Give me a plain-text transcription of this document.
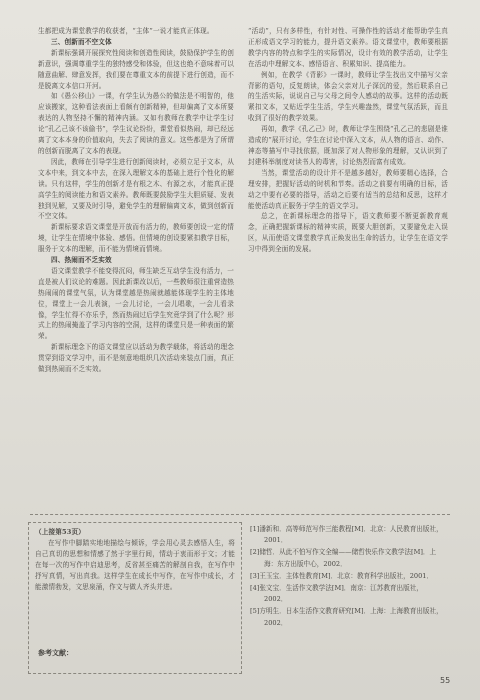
生都把成为课堂教学的收获者，“主体”一说才能真正体现。

三、创新而不空文体

新课标强调开展探究性阅读和创造性阅读，鼓励保护学生的创新意识，强调尊重学生的独特感受和体验，但这也绝不意味着可以随意曲解、肆意发挥，我们要在尊重文本的前提下进行创造，而不是脱离文本信口开河。

如《愚公移山》一课，有学生认为愚公的做法是不明智的，他应该搬家，这种看法表面上看颇有创新精神，但却偏离了文本所要表达的人物坚持不懈的精神内涵。又如有教师在教学中让学生讨论“孔乙己该不该偷书”，学生议论纷纷，课堂看似热闹，却已经远离了文本本身的价值取向，失去了阅读的意义。这些都是为了所谓的创新而脱离了文本的表现。

因此，教师在引导学生进行创新阅读时，必须立足于文本，从文本中来，到文本中去，在深入理解文本的基础上进行个性化的解读。只有这样，学生的创新才是有根之木、有源之水，才能真正提高学生的阅读能力和语文素养。教师既要鼓励学生大胆质疑、发表独到见解，又要及时引导，避免学生的理解偏离文本，做到创新而不空文体。

新课标要求语文课堂是开放而有活力的，教师要创设一定的情境，让学生在情境中体验、感悟。但情境的创设要紧扣教学目标，服务于文本的理解，而不能为情境而情境。

四、热闹而不乏实效

语文课堂教学不能变得沉闷，师生缺乏互动学生没有活力，一直是被人们议论的难题。因此新课改以后，一些教师很注重营造热热闹闹的课堂气氛，认为课堂越是热闹就越能体现学生的主体地位，课堂上一会儿表演，一会儿讨论，一会儿唱歌，一会儿看录像，学生忙得不亦乐乎，然而热闹过后学生究竟学到了什么呢？形式上的热闹掩盖了学习内容的空洞，这样的课堂只是一种表面的繁荣。

新课标理念下的语文课堂应以活动为教学载体，将活动的理念贯穿到语文学习中，而不是刻意地组织几次活动来装点门面，真正做到热闹而不乏实效。

“活动”，只有多样性，有针对性、可操作性的活动才能帮助学生真正形成语文学习的能力，提升语文素养。语文课堂中，教师要根据教学内容的特点和学生的实际情况，设计有效的教学活动，让学生在活动中理解文本、感悟语言、积累知识、提高能力。

例如，在教学《背影》一课时，教师让学生找出文中描写父亲背影的语句，反复朗读，体会父亲对儿子深沉的爱，然后联系自己的生活实际，说说自己与父母之间令人感动的故事。这样的活动既紧扣文本，又贴近学生生活，学生兴趣盎然，课堂气氛活跃，而且收到了很好的教学效果。

再如，教学《孔乙己》时，教师让学生围绕“孔乙己的悲剧是谁造成的”展开讨论，学生在讨论中深入文本，从人物的语言、动作、神态等描写中寻找依据，既加深了对人物形象的理解，又认识到了封建科举制度对读书人的毒害，讨论热烈而富有成效。

当然，课堂活动的设计并不是越多越好，教师要精心选择，合理安排，把握好活动的时机和节奏。活动之前要有明确的目标，活动之中要有必要的指导，活动之后要有适当的总结和反思，这样才能使活动真正服务于学生的语文学习。

总之，在新课标理念的指导下，语文教师要不断更新教育观念，正确把握新课标的精神实质，既要大胆创新，又要避免走入误区，从而使语文课堂教学真正焕发出生命的活力，让学生在语文学习中得到全面的发展。

（上接第53页）

在写作中脚踏实地地描绘与倾诉，学会用心灵去感悟人生，将自己真切的思想和情感了然于字里行间，情动于衷而形于文；才能在每一次的写作中启迪思考，反省甚至痛苦的解剖自我，在写作中抒写真情，写出真我。这样学生在成长中写作，在写作中成长，才能激情勃发，文思泉涌，作文与做人齐头并进。

参考文献：
[1]潘新和．高等师范写作三能教程[M]．北京：人民教育出版社，2001．
[2]储哲．从此不怕写作文全编——储哲快乐作文教学法[M]．上海：东方出版中心，2002．
[3]王玉宝．主体性教育[M]．北京：教育科学出版社，2001．
[4]张文宝．生活作文教学法[M]．南京：江苏教育出版社，2002．
[5]方明生．日本生活作文教育研究[M]．上海：上海教育出版社，2002．
55
